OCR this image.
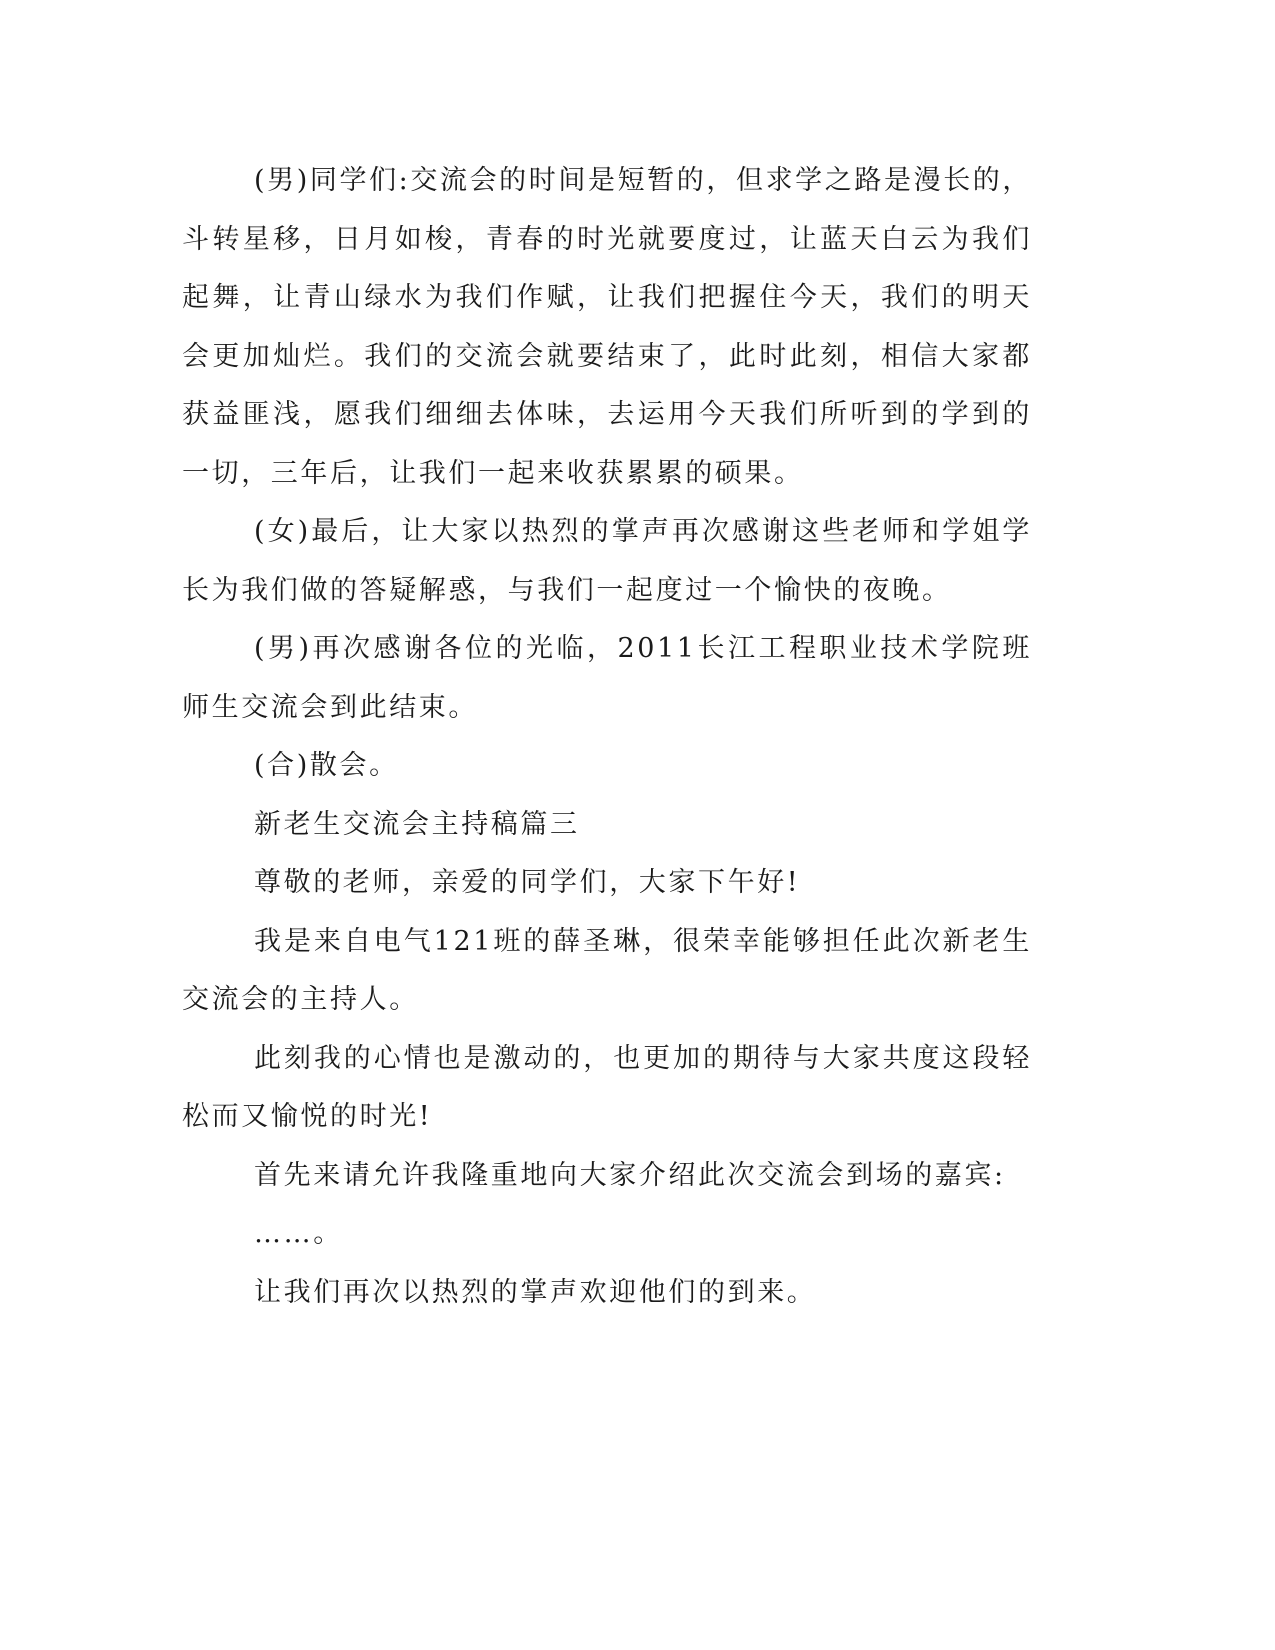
(男)同学们:交流会的时间是短暂的，但求学之路是漫长的，斗转星移，日月如梭，青春的时光就要度过，让蓝天白云为我们起舞，让青山绿水为我们作赋，让我们把握住今天，我们的明天会更加灿烂。我们的交流会就要结束了，此时此刻，相信大家都获益匪浅，愿我们细细去体味，去运用今天我们所听到的学到的一切，三年后，让我们一起来收获累累的硕果。

(女)最后，让大家以热烈的掌声再次感谢这些老师和学姐学长为我们做的答疑解惑，与我们一起度过一个愉快的夜晚。

(男)再次感谢各位的光临，2011长江工程职业技术学院班师生交流会到此结束。

(合)散会。

新老生交流会主持稿篇三

尊敬的老师，亲爱的同学们，大家下午好!

我是来自电气121班的薛圣琳，很荣幸能够担任此次新老生交流会的主持人。

此刻我的心情也是激动的，也更加的期待与大家共度这段轻松而又愉悦的时光!

首先来请允许我隆重地向大家介绍此次交流会到场的嘉宾:

……。

让我们再次以热烈的掌声欢迎他们的到来。
